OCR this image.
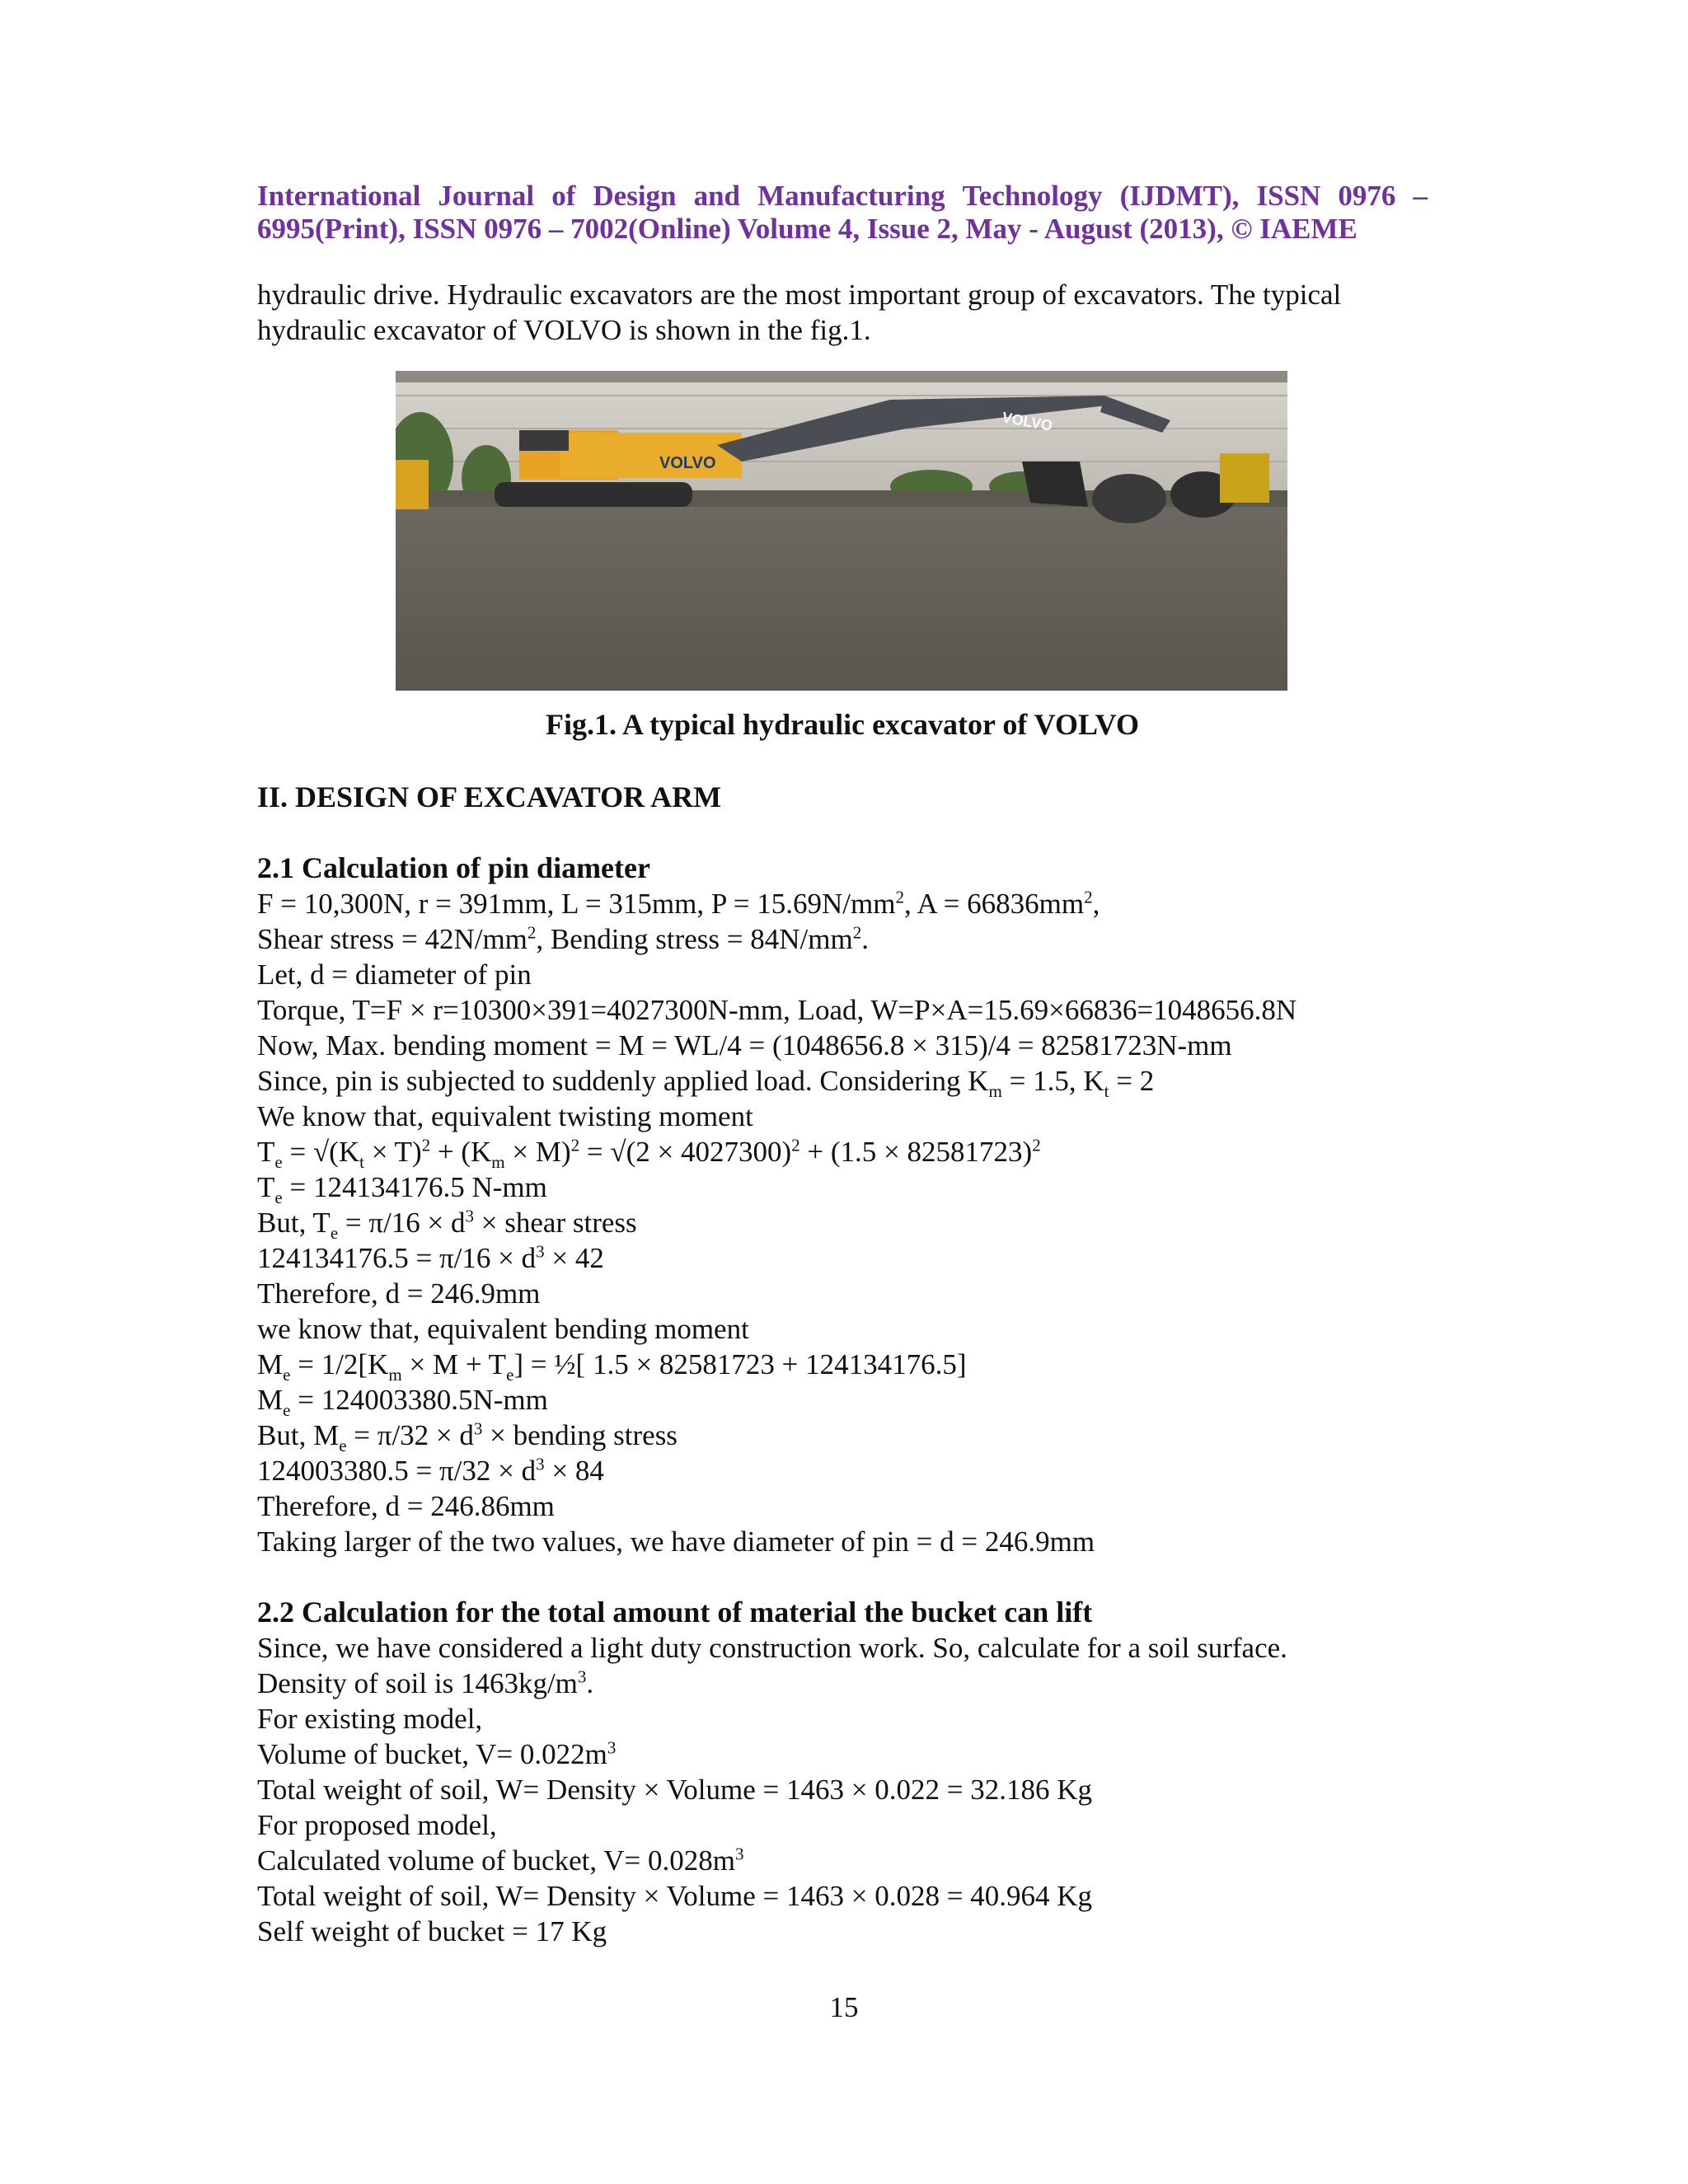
International Journal of Design and Manufacturing Technology (IJDMT), ISSN 0976 –
6995(Print), ISSN 0976 – 7002(Online) Volume 4, Issue 2, May - August (2013), © IAEME

hydraulic drive. Hydraulic excavators are the most important group of excavators. The typical

hydraulic excavator of VOLVO is shown in the fig.1.

VOLVO
VOLVO
Fig.1. A typical hydraulic excavator of VOLVO
II. DESIGN OF EXCAVATOR ARM
2.1 Calculation of pin diameter
F = 10,300N, r = 391mm, L = 315mm, $P = 15.69N/mm^2$, $A = 66836mm^2$,
Shear stress = $42N/mm^2$, Bending stress = $84N/mm^2$.
Let, d = diameter of pin
Torque, T=F × r=10300×391=4027300N-mm, Load, W=P×A=15.69×66836=1048656.8N
Now, Max. bending moment = M = WL/4 = (1048656.8 × 315)/4 = 82581723N-mm
Since, pin is subjected to suddenly applied load. Considering $K_m = 1.5$, $K_t = 2$
We know that, equivalent twisting moment
$T_e = √(K_t \times T)^2 + (K_m \times M)^2 = √(2 \times 4027300)^2 + (1.5 \times 82581723)^2$
$T_e = 124134176.5$ N-mm
But, $T_e = \pi/16 \times d^3$ × shear stress
$124134176.5 = \pi/16 \times d^3 \times 42$
Therefore, d = 246.9mm
we know that, equivalent bending moment
$M_e = 1/2[K_m \times M + T_e]$ = ½[ 1.5 × 82581723 + 124134176.5]
$M_e = 124003380.5N-mm$
But, $M_e = \pi/32 \times d^3$ × bending stress
$124003380.5 = \pi/32 \times d^3 \times 84$
Therefore, d = 246.86mm
Taking larger of the two values, we have diameter of pin = d = 246.9mm
2.2 Calculation for the total amount of material the bucket can lift
Since, we have considered a light duty construction work. So, calculate for a soil surface.
Density of soil is $1463kg/m^3$.
For existing model,
Volume of bucket, $V= 0.022m^3$
Total weight of soil, W= Density × Volume = 1463 × 0.022 = 32.186 Kg
For proposed model,
Calculated volume of bucket, $V= 0.028m^3$
Total weight of soil, W= Density × Volume = 1463 × 0.028 = 40.964 Kg
Self weight of bucket = 17 Kg
15
